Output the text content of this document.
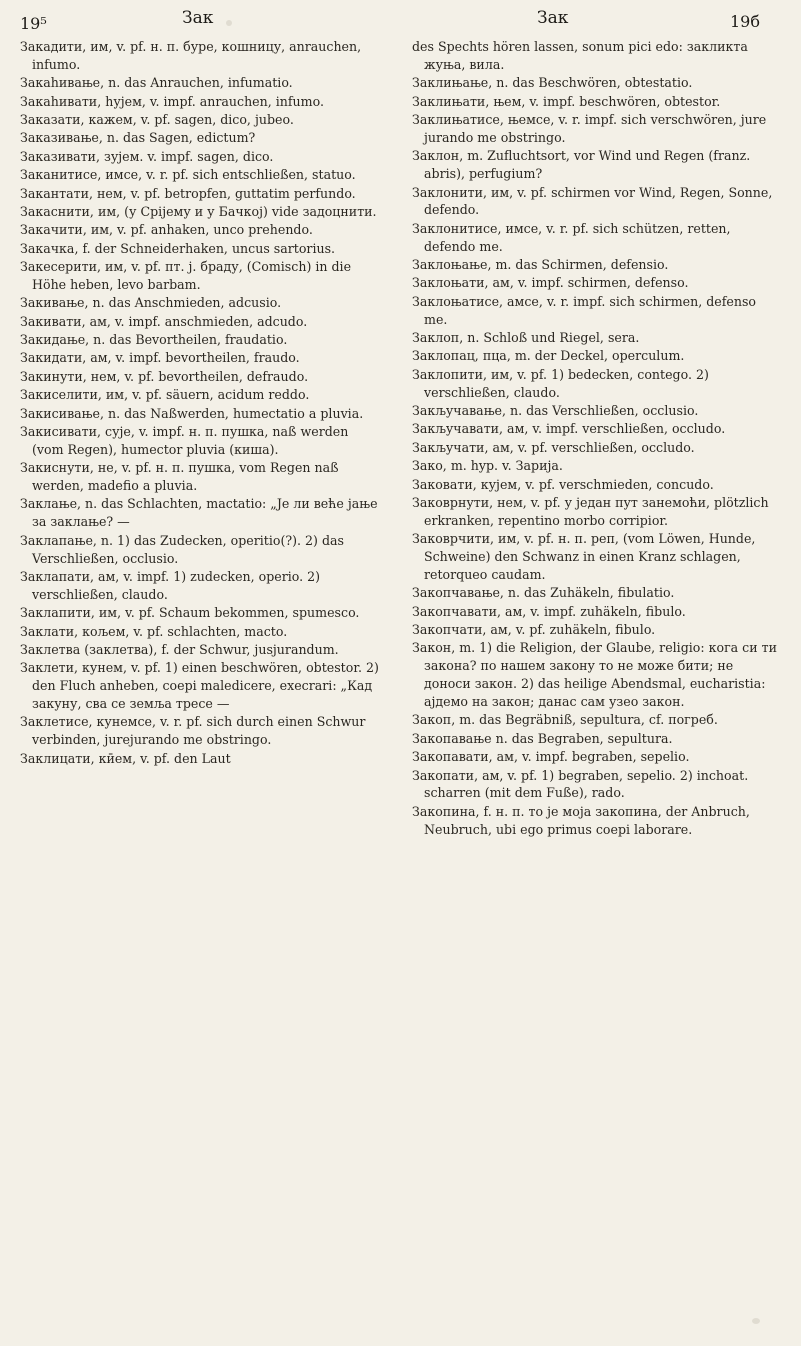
19⁵	Зак	Зак	19б

Закадити, им, v. pf. н. п. буре, кошницу, anrauchen, infumo.

Закаһивање, n. das Anrauchen, infumatio.

Закаһивати, һујем, v. impf. anrauchen, infumo.

Заказати, кажем, v. pf. sagen, dico, jubeo.

Заказивање, n. das Sagen, edictum?

Заказивати, зујем. v. impf. sagen, dico.

Заканитисе, имсе, v. r. pf. sich entschließen, statuo.

Закантати, нем, v. pf. betropfen, guttatim perfundo.

Закаснити, им, (у Срijему и у Бачкој) vide задоцнити.

Закачити, им, v. pf. anhaken, unco prehendo.

Закачка, f. der Schneiderhaken, uncus sartorius.

Закесерити, им, v. pf. пт. j. браду, (Comisch) in die Höhe heben, levo barbam.

Закивање, n. das Anschmieden, adcusio.

Закивати, ам, v. impf. anschmieden, adcudo.

Закидање, n. das Bevortheilen, fraudatio.

Закидати, ам, v. impf. bevortheilen, fraudo.

Закинути, нем, v. pf. bevortheilen, defraudo.

Закиселити, им, v. pf. säuern, acidum reddo.

Закисивање, n. das Naßwerden, humectatio a pluvia.

Закисивати, сује, v. impf. н. п. пушка, naß werden (vom Regen), humector pluvia (киша).

Закиснути, не, v. pf. н. п. пушка, vom Regen naß werden, madefio a pluvia.

Заклање, n. das Schlachten, mactatio: „Је ли веће јање за заклање? —

Заклапање, n. 1) das Zudecken, operitio(?). 2) das Verschließen, occlusio.

Заклапати, ам, v. impf. 1) zudecken, operio. 2) verschließen, claudo.

Заклапити, им, v. pf. Schaum bekommen, spumesco.

Заклати, кољем, v. pf. schlachten, macto.

Заклетва (заклетва), f. der Schwur, jusjurandum.

Заклети, кунем, v. pf. 1) einen beschwören, obtestor. 2) den Fluch anheben, coepi maledicere, execrari: „Кад закуну, сва се земља тресе —

Заклетисе, кунемсе, v. r. pf. sich durch einen Schwur verbinden, jurejurando me obstringo.

Заклицати, кӣем, v. pf. den Laut

des Spechts hören lassen, sonum pici edo: закликта жуња, вила.

Заклињање, n. das Beschwören, obtestatio.

Заклињати, њем, v. impf. beschwören, obtestor.

Заклињатисе, њемсе, v. r. impf. sich verschwören, jure jurando me obstringo.

Заклон, m. Zufluchtsort, vor Wind und Regen (franz. abris), perfugium?

Заклонити, им, v. pf. schirmen vor Wind, Regen, Sonne, defendo.

Заклонитисе, имсе, v. r. pf. sich schützen, retten, defendo me.

Заклоњање, m. das Schirmen, defensio.

Заклоњати, ам, v. impf. schirmen, defenso.

Заклоњатисе, амсе, v. r. impf. sich schirmen, defenso me.

Заклоп, n. Schloß und Riegel, sera.

Заклопац, пца, m. der Deckel, operculum.

Заклопити, им, v. pf. 1) bedecken, contego. 2) verschließen, claudo.

Закључавање, n. das Verschließen, occlusio.

Закључавати, ам, v. impf. verschließen, occludo.

Закључати, ам, v. pf. verschließen, occludo.

Зако, m. hyp. v. Зарија.

Заковати, кујем, v. pf. verschmieden, concudo.

Заковрнути, нем, v. pf. у један пут занемоћи, plötzlich erkranken, repentino morbo corripior.

Заковрчити, им, v. pf. н. п. реп, (vom Löwen, Hunde, Schweine) den Schwanz in einen Kranz schlagen, retorqueo caudam.

Закопчавање, n. das Zuhäkeln, fibulatio.

Закопчавати, ам, v. impf. zuhäkeln, fibulo.

Закопчати, ам, v. pf. zuhäkeln, fibulo.

Закон, m. 1) die Religion, der Glaube, religio: кога си ти закона? по нашем закону то не може бити; не доноси закон. 2) das heilige Abendsmal, eucharistia: ајдемо на закон; данас сам узео закон.

Закоп, m. das Begräbniß, sepultura, cf. погреб.

Закопавање n. das Begraben, sepultura.

Закопавати, ам, v. impf. begraben, sepelio.

Закопати, ам, v. pf. 1) begraben, sepelio. 2) inchoat. scharren (mit dem Fuße), rado.

Закопина, f. н. п. то је моја закопина, der Anbruch, Neubruch, ubi ego primus coepi laborare.
